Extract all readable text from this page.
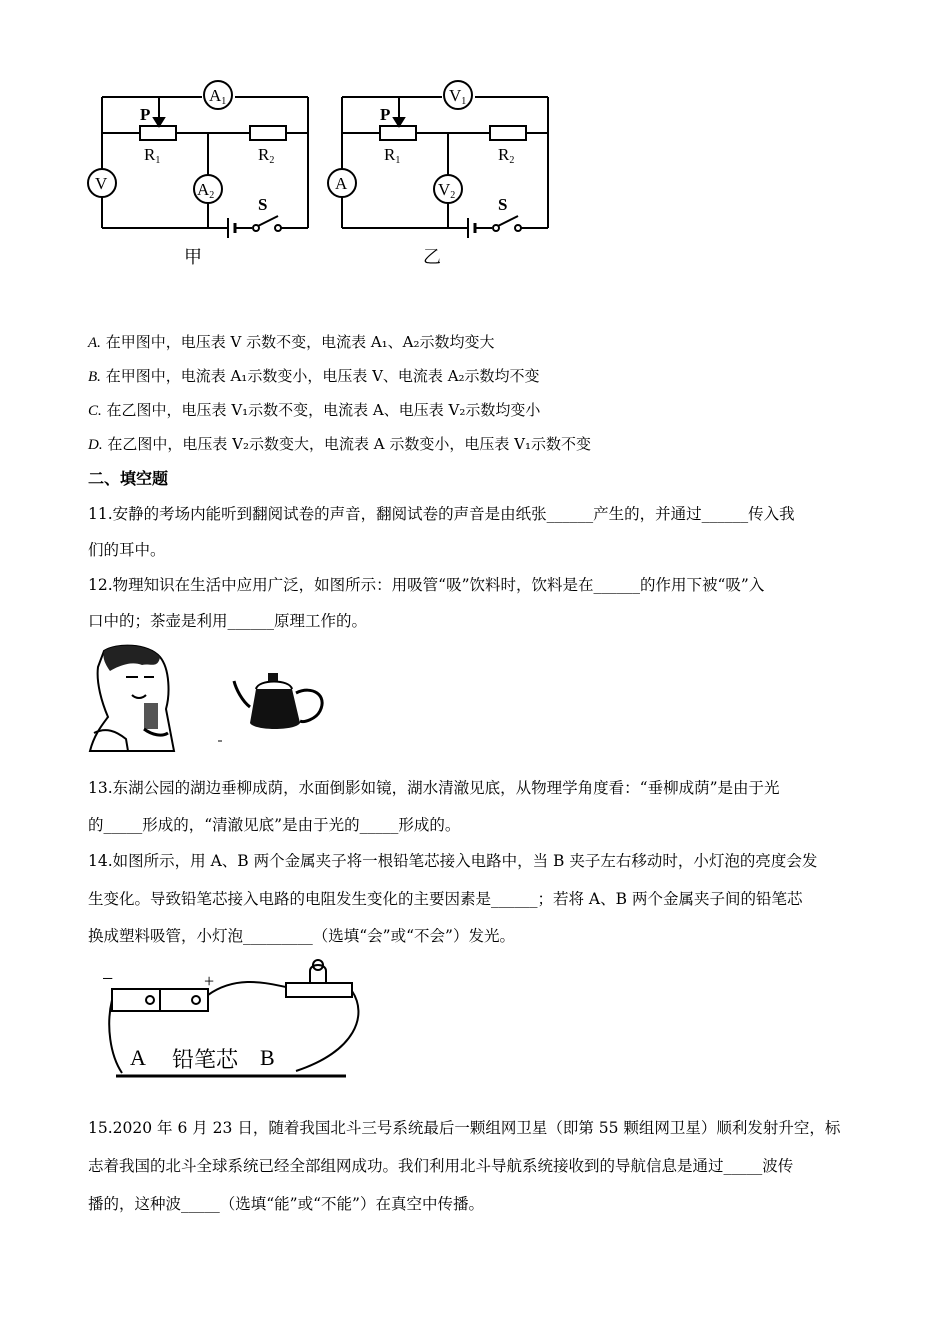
A1
V	A2
P
R1	R2
S
甲
V1
A	V2
P
R1	R2
S
乙
A. 在甲图中，电压表 V 示数不变，电流表 A₁、A₂示数均变大
B. 在甲图中，电流表 A₁示数变小，电压表 V、电流表 A₂示数均不变
C. 在乙图中，电压表 V₁示数不变，电流表 A、电压表 V₂示数均变小
D. 在乙图中，电压表 V₂示数变大，电流表 A 示数变小，电压表 V₁示数不变
二、填空题
11.安静的考场内能听到翻阅试卷的声音，翻阅试卷的声音是由纸张______产生的，并通过______传入我
们的耳中。
12.物理知识在生活中应用广泛，如图所示：用吸管“吸”饮料时，饮料是在______的作用下被“吸”入
口中的；茶壶是利用______原理工作的。
13.东湖公园的湖边垂柳成荫，水面倒影如镜，湖水清澈见底，从物理学角度看：“垂柳成荫”是由于光
的_____形成的，“清澈见底”是由于光的_____形成的。
14.如图所示，用 A、B 两个金属夹子将一根铅笔芯接入电路中，当 B 夹子左右移动时，小灯泡的亮度会发
生变化。导致铅笔芯接入电路的电阻发生变化的主要因素是______；若将 A、B 两个金属夹子间的铅笔芯
换成塑料吸管，小灯泡_________（选填“会”或“不会”）发光。
−	+
A 铅笔芯 B
15.2020 年 6 月 23 日，随着我国北斗三号系统最后一颗组网卫星（即第 55 颗组网卫星）顺利发射升空，标
志着我国的北斗全球系统已经全部组网成功。我们利用北斗导航系统接收到的导航信息是通过_____波传
播的，这种波_____（选填“能”或“不能”）在真空中传播。
